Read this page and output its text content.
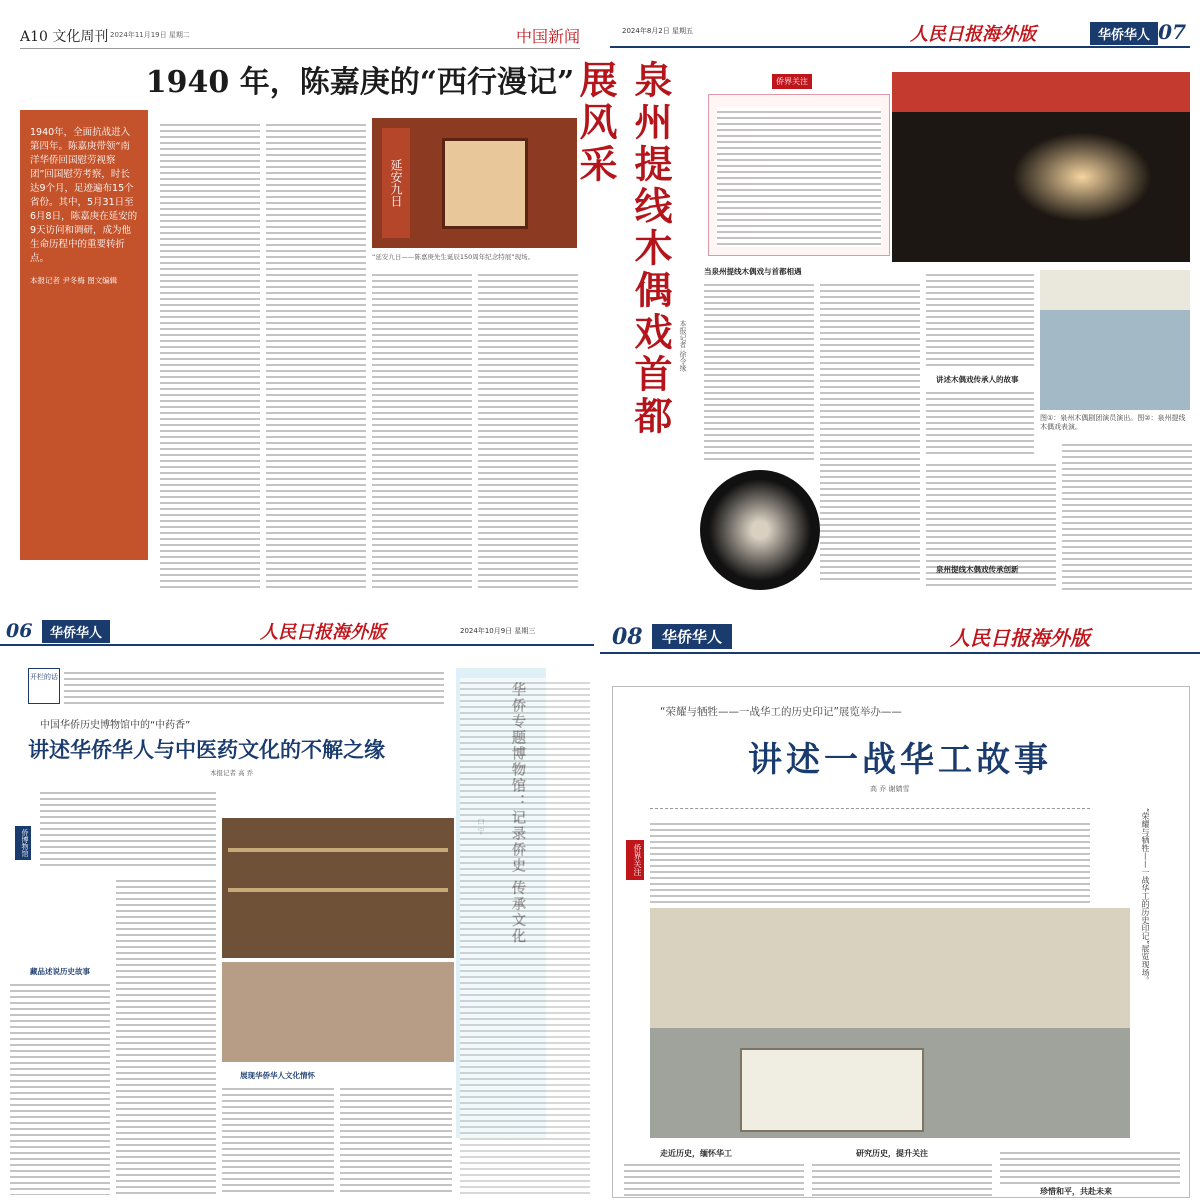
A10 文化周刊 2024年11月19日 星期二	中国新闻
1940 年，陈嘉庚的“西行漫记”
1940年，全面抗战进入第四年。陈嘉庚带领“南洋华侨回国慰劳视察团”回国慰劳考察，时长达9个月，足迹遍布15个省份。其中，5月31日至6月8日，陈嘉庚在延安的9天访问和调研，成为他生命历程中的重要转折点。
本报记者 尹冬梅 图文编辑
延安九日
“延安九日——陈嘉庚先生诞辰150周年纪念特展”现场。
2024年8月2日 星期五	人民日报海外版	华侨华人 07
泉州提线木偶戏首都展风采
本报记者 徐令缘
侨界关注
当泉州提线木偶戏与首都相遇
讲述木偶戏传承人的故事
图①：泉州木偶剧团演员演出。图②：泉州提线木偶戏表演。
泉州提线木偶戏传承创新
06	华侨华人	人民日报海外版	2024年10月9日 星期三
开栏的话
中国华侨历史博物馆中的“中药香”
讲述华侨华人与中医药文化的不解之缘
本报记者 高 乔
侨博物馆
藏品述说历史故事
展现华侨华人文化情怀
08	华侨华人	人民日报海外版
“荣耀与牺牲——一战华工的历史印记”展览举办——
讲述一战华工故事
高 乔 谢婧雪
侨界关注	“荣耀与牺牲——一战华工的历史印记”展览现场。
走近历史，缅怀华工	研究历史，提升关注
珍惜和平，共赴未来
